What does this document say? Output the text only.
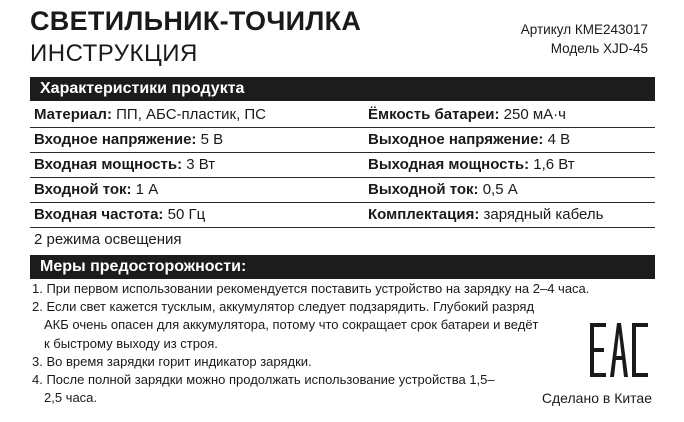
СВЕТИЛЬНИК-ТОЧИЛКА
ИНСТРУКЦИЯ
Артикул КМЕ243017
Модель XJD-45
Характеристики продукта
Материал: ПП, АБС-пластик, ПС	Ёмкость батареи: 250 мА·ч
Входное напряжение: 5 В	Выходное напряжение: 4 В
Входная мощность: 3 Вт	Выходная мощность: 1,6 Вт
Входной ток: 1 А	Выходной ток: 0,5 А
Входная частота: 50 Гц	Комплектация: зарядный кабель
2 режима освещения
Меры предосторожности:
1. При первом использовании рекомендуется поставить устройство на зарядку на 2–4 часа.
2. Если свет кажется тусклым, аккумулятор следует подзарядить. Глубокий разряд АКБ очень опасен для аккумулятора, потому что сокращает срок батареи и ведёт к быстрому выходу из строя.
3. Во время зарядки горит индикатор зарядки.
4. После полной зарядки можно продолжать использование устройства 1,5–2,5 часа.	Сделано в Китае
